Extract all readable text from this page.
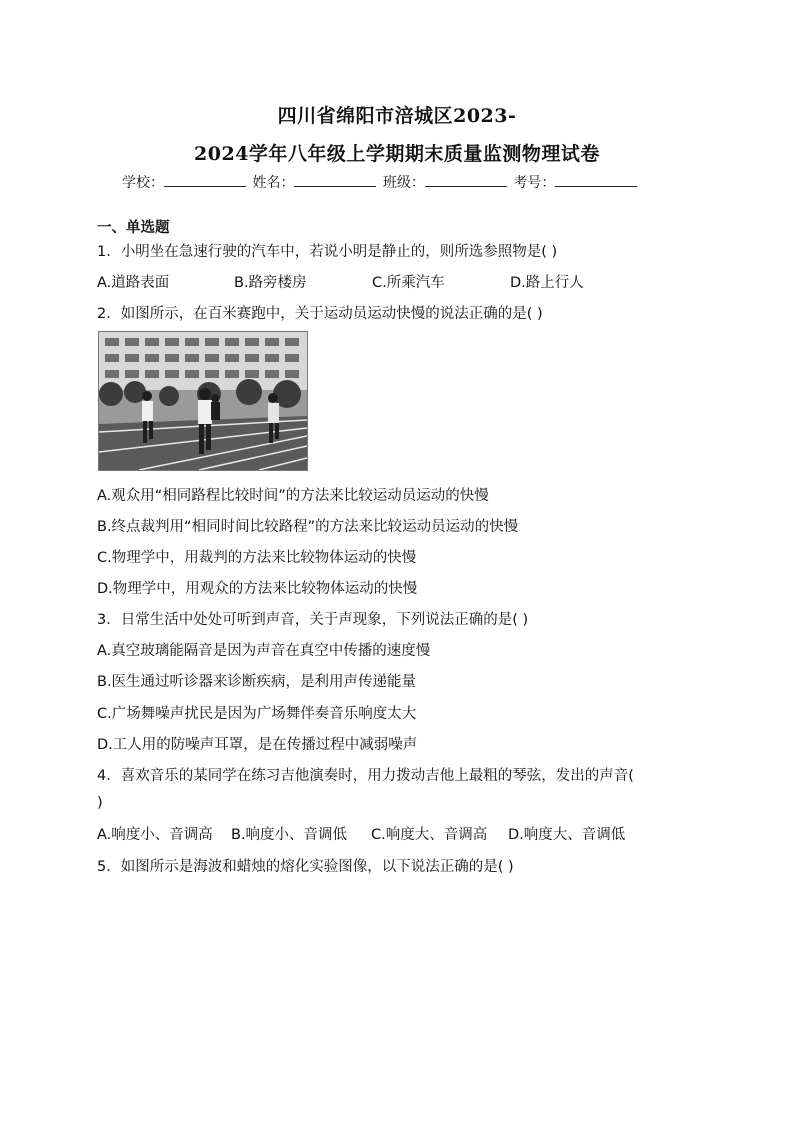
四川省绵阳市涪城区2023-
2024学年八年级上学期期末质量监测物理试卷
学校：	姓名：	班级：	考号：
一、单选题
1．小明坐在急速行驶的汽车中，若说小明是静止的，则所选参照物是( )
A.道路表面	B.路旁楼房	C.所乘汽车	D.路上行人
2．如图所示，在百米赛跑中，关于运动员运动快慢的说法正确的是( )
A.观众用“相同路程比较时间”的方法来比较运动员运动的快慢
B.终点裁判用“相同时间比较路程”的方法来比较运动员运动的快慢
C.物理学中，用裁判的方法来比较物体运动的快慢
D.物理学中，用观众的方法来比较物体运动的快慢
3．日常生活中处处可听到声音，关于声现象，下列说法正确的是( )
A.真空玻璃能隔音是因为声音在真空中传播的速度慢
B.医生通过听诊器来诊断疾病，是利用声传递能量
C.广场舞噪声扰民是因为广场舞伴奏音乐响度太大
D.工人用的防噪声耳罩，是在传播过程中减弱噪声
4．喜欢音乐的某同学在练习吉他演奏时，用力拨动吉他上最粗的琴弦，发出的声音(
)
A.响度小、音调高 B.响度小、音调低 C.响度大、音调高 D.响度大、音调低
5．如图所示是海波和蜡烛的熔化实验图像，以下说法正确的是( )
